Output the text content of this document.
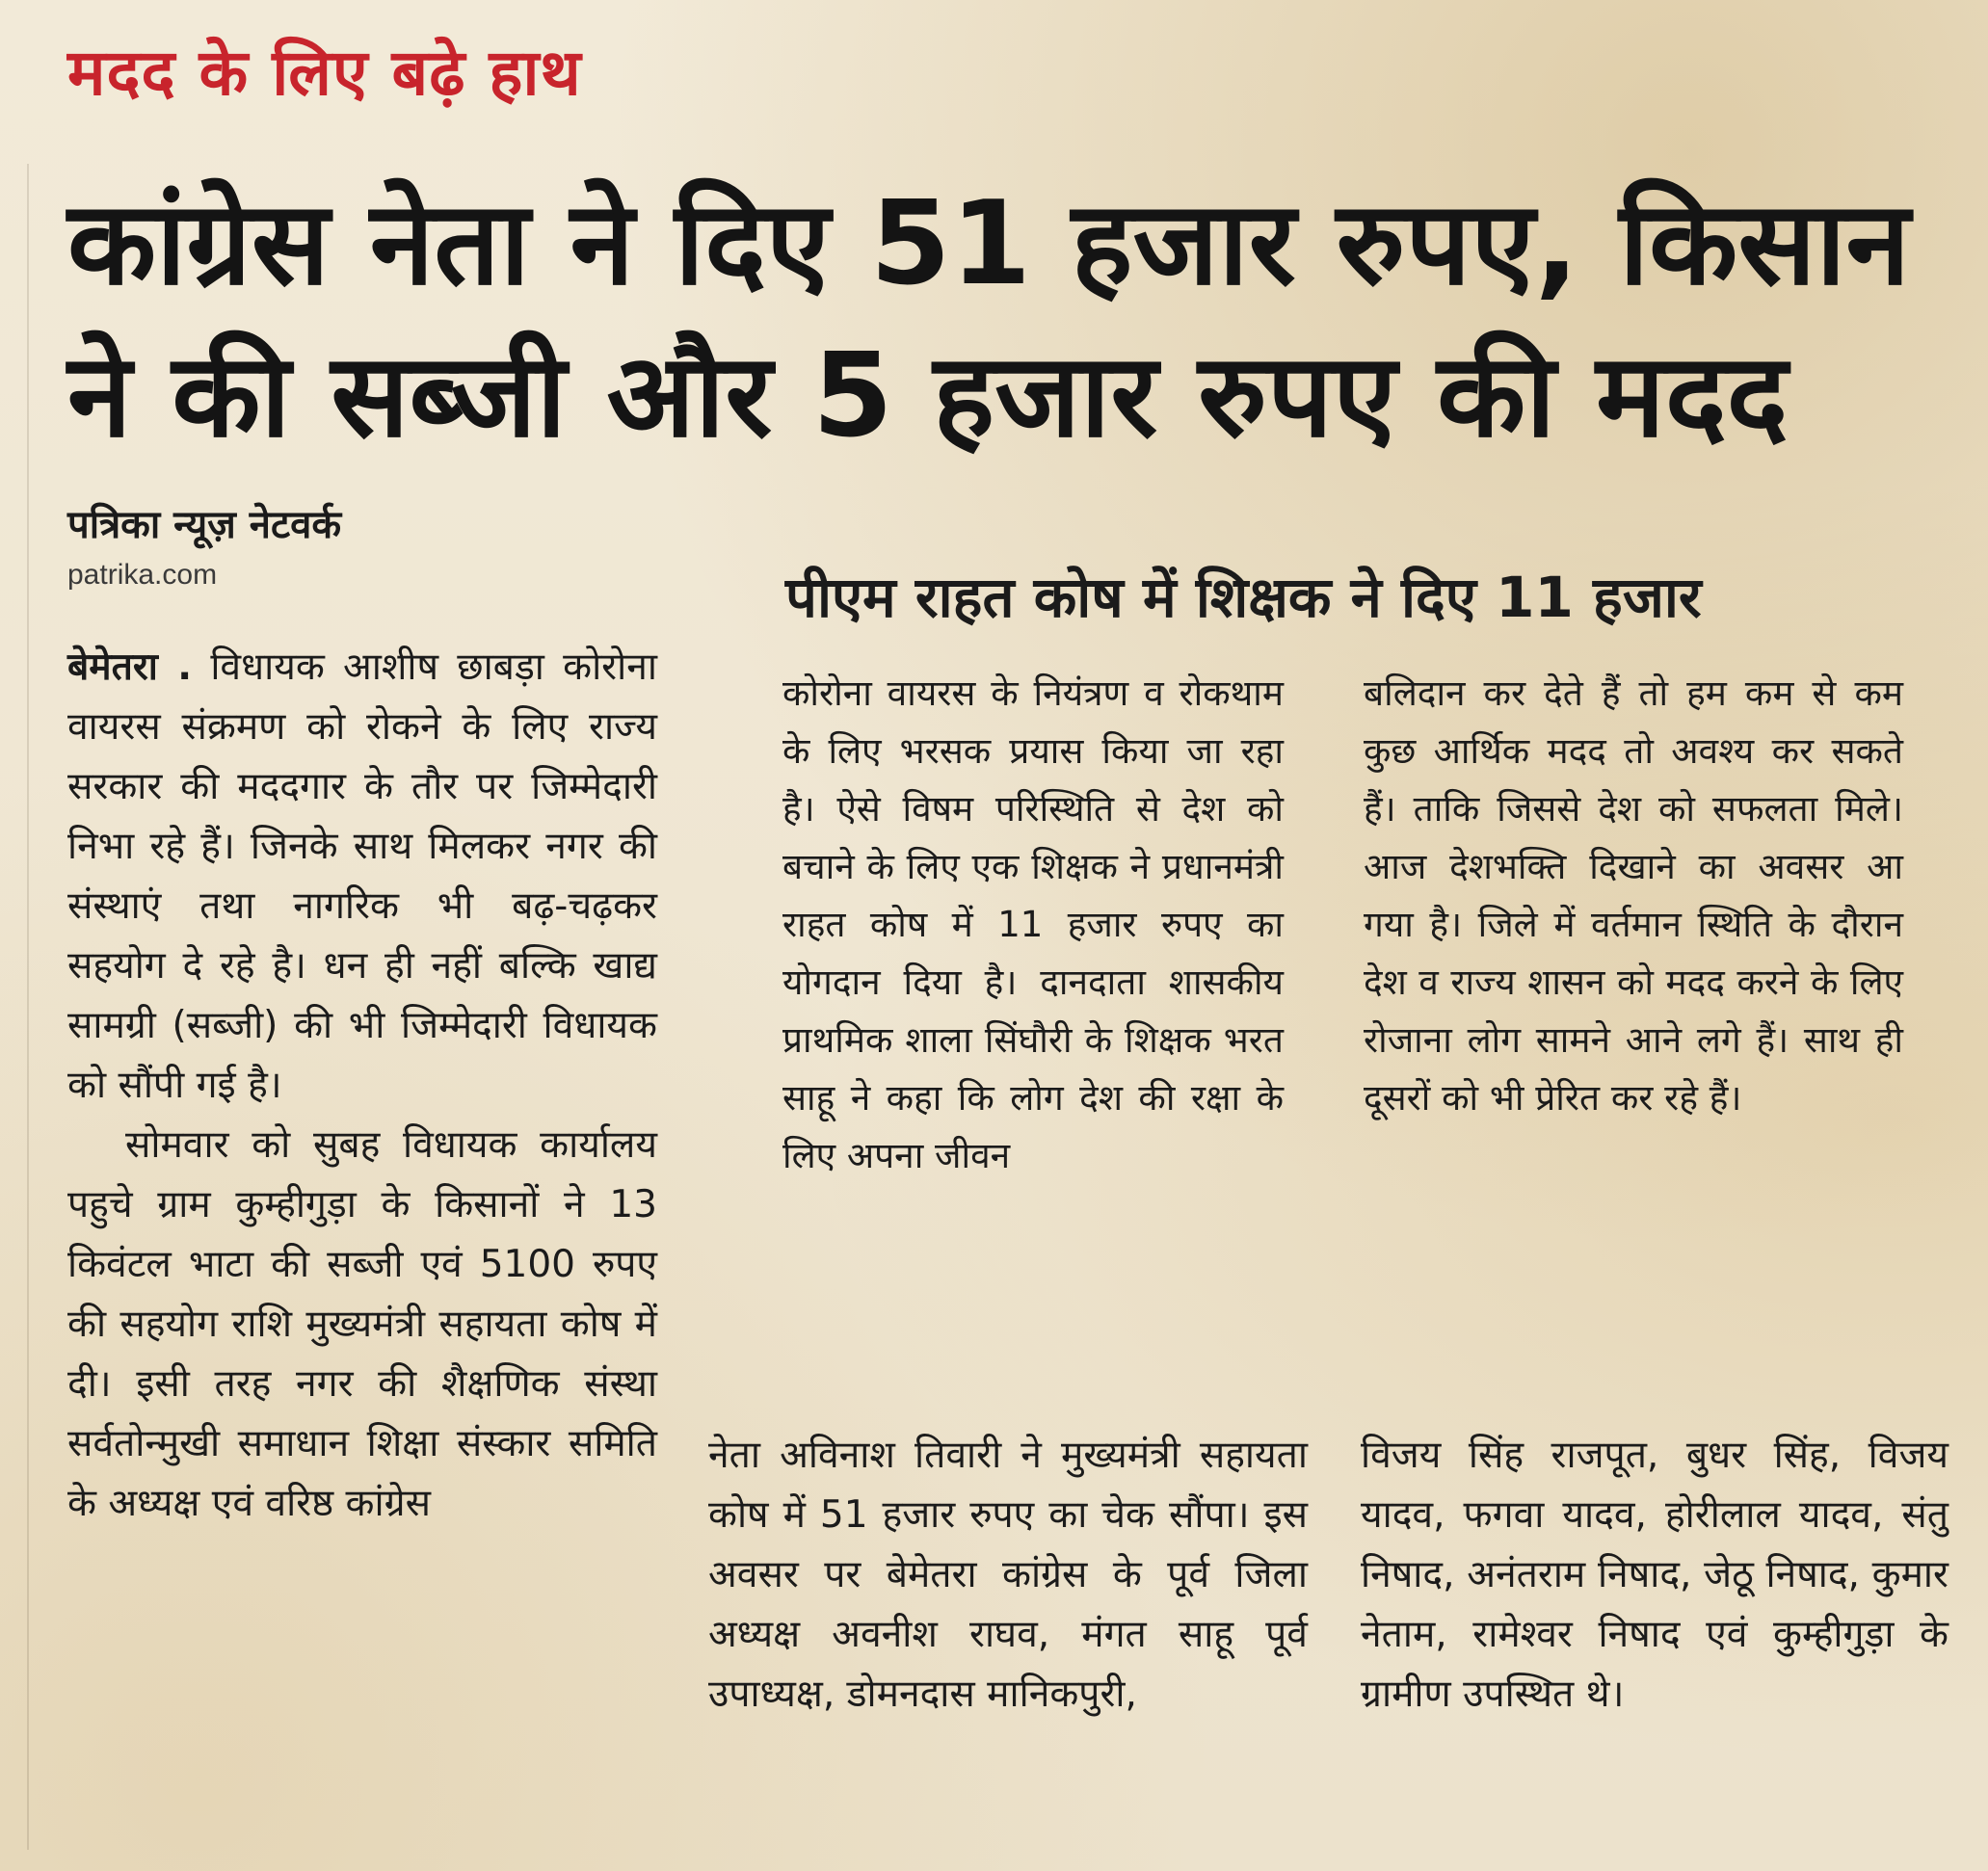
मदद के लिए बढ़े हाथ
कांग्रेस नेता ने दिए 51 हजार रुपए, किसान
ने की सब्जी और 5 हजार रुपए की मदद
पत्रिका न्यूज़ नेटवर्क
patrika.com

बेमेतरा . विधायक आशीष छाबड़ा कोरोना वायरस संक्रमण को रोकने के लिए राज्य सरकार की मददगार के तौर पर जिम्मेदारी निभा रहे हैं। जिनके साथ मिलकर नगर की संस्थाएं तथा नागरिक भी बढ़-चढ़कर सहयोग दे रहे है। धन ही नहीं बल्कि खाद्य सामग्री (सब्जी) की भी जिम्मेदारी विधायक को सौंपी गई है।

सोमवार को सुबह विधायक कार्यालय पहुचे ग्राम कुम्हीगुड़ा के किसानों ने 13 किवंटल भाटा की सब्जी एवं 5100 रुपए की सहयोग राशि मुख्यमंत्री सहायता कोष में दी। इसी तरह नगर की शैक्षणिक संस्था सर्वतोन्मुखी समाधान शिक्षा संस्कार समिति के अध्यक्ष एवं वरिष्ठ कांग्रेस

पीएम राहत कोष में शिक्षक ने दिए 11 हजार

कोरोना वायरस के नियंत्रण व रोकथाम के लिए भरसक प्रयास किया जा रहा है। ऐसे विषम परिस्थिति से देश को बचाने के लिए एक शिक्षक ने प्रधानमंत्री राहत कोष में 11 हजार रुपए का योगदान दिया है। दानदाता शासकीय प्राथमिक शाला सिंघौरी के शिक्षक भरत साहू ने कहा कि लोग देश की रक्षा के लिए अपना जीवन

बलिदान कर देते हैं तो हम कम से कम कुछ आर्थिक मदद तो अवश्य कर सकते हैं। ताकि जिससे देश को सफलता मिले। आज देशभक्ति दिखाने का अवसर आ गया है। जिले में वर्तमान स्थिति के दौरान देश व राज्य शासन को मदद करने के लिए रोजाना लोग सामने आने लगे हैं। साथ ही दूसरों को भी प्रेरित कर रहे हैं।

नेता अविनाश तिवारी ने मुख्यमंत्री सहायता कोष में 51 हजार रुपए का चेक सौंपा। इस अवसर पर बेमेतरा कांग्रेस के पूर्व जिला अध्यक्ष अवनीश राघव, मंगत साहू पूर्व उपाध्यक्ष, डोमनदास मानिकपुरी,

विजय सिंह राजपूत, बुधर सिंह, विजय यादव, फगवा यादव, होरीलाल यादव, संतु निषाद, अनंतराम निषाद, जेठू निषाद, कुमार नेताम, रामेश्वर निषाद एवं कुम्हीगुड़ा के ग्रामीण उपस्थित थे।
